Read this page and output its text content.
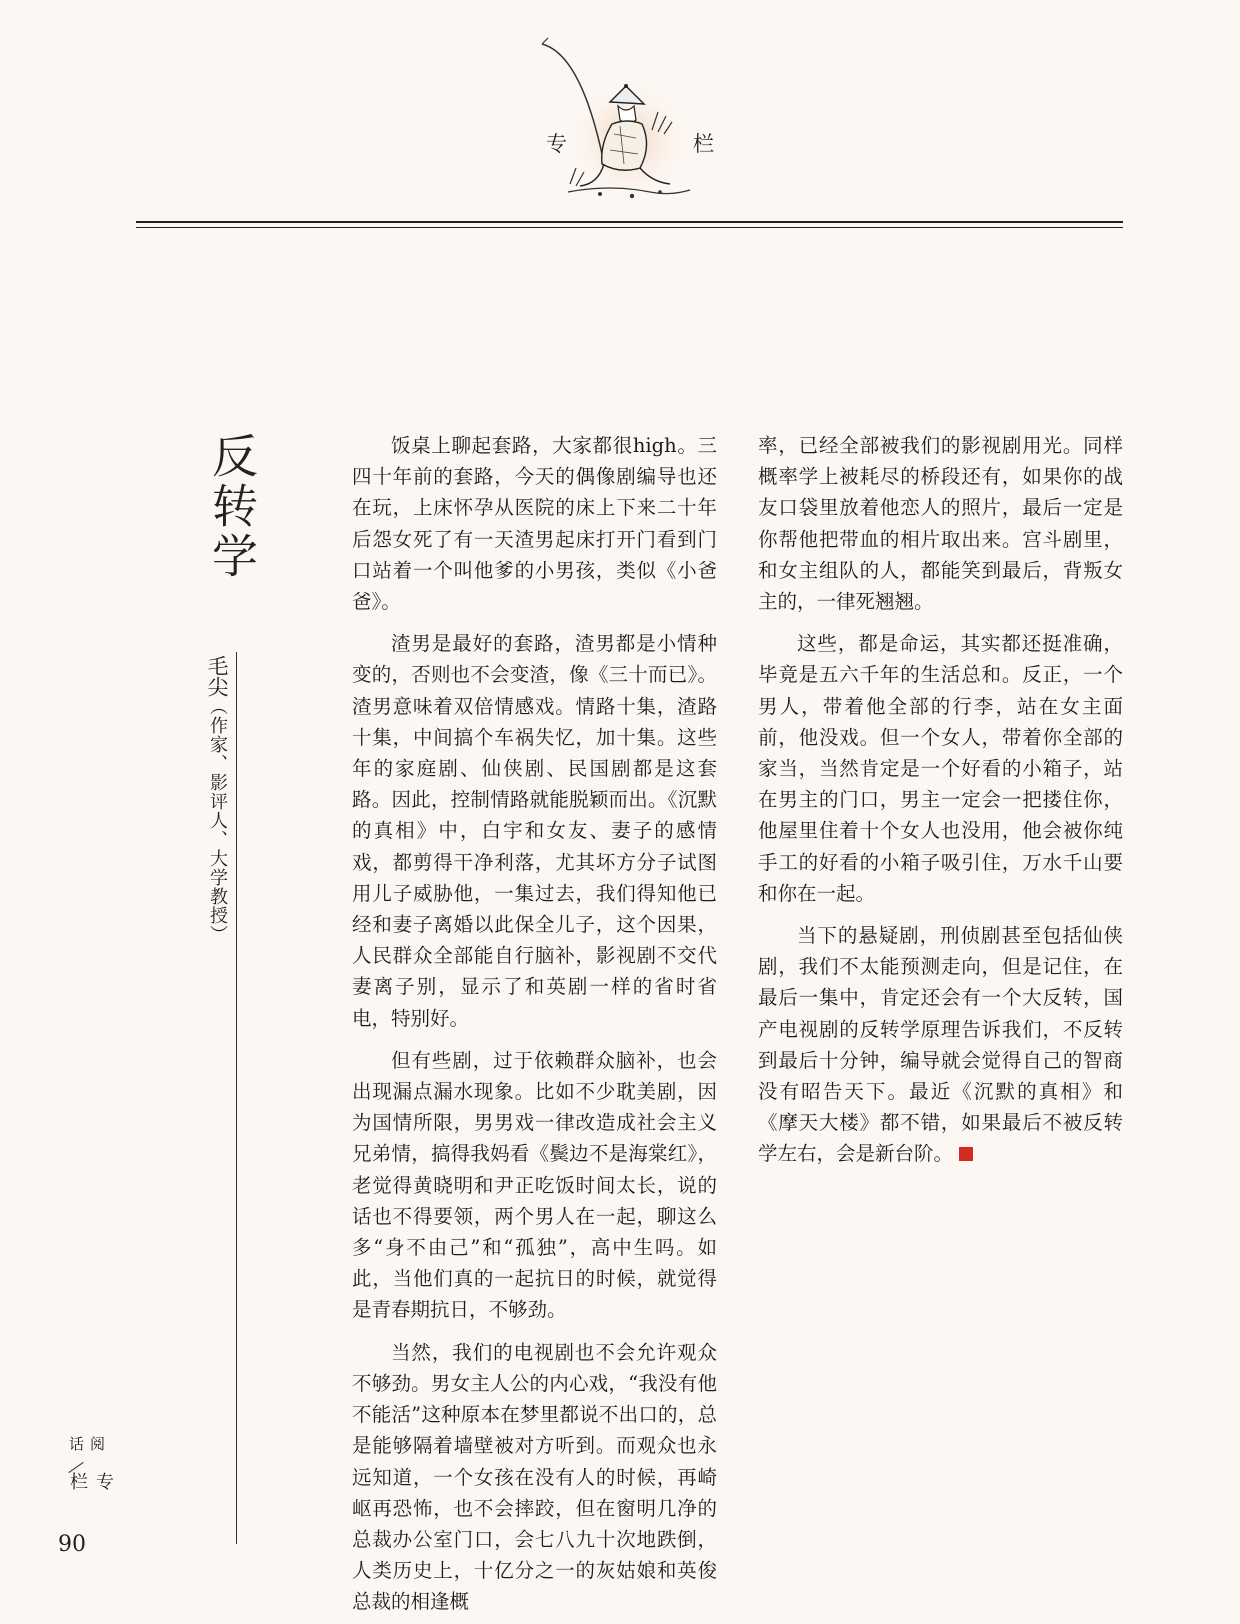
专	栏
反转学
毛尖（作家、影评人、大学教授）

饭桌上聊起套路，大家都很high。三四十年前的套路，今天的偶像剧编导也还在玩，上床怀孕从医院的床上下来二十年后怨女死了有一天渣男起床打开门看到门口站着一个叫他爹的小男孩，类似《小爸爸》。

渣男是最好的套路，渣男都是小情种变的，否则也不会变渣，像《三十而已》。渣男意味着双倍情感戏。情路十集，渣路十集，中间搞个车祸失忆，加十集。这些年的家庭剧、仙侠剧、民国剧都是这套路。因此，控制情路就能脱颖而出。《沉默的真相》中，白宇和女友、妻子的感情戏，都剪得干净利落，尤其坏方分子试图用儿子威胁他，一集过去，我们得知他已经和妻子离婚以此保全儿子，这个因果，人民群众全部能自行脑补，影视剧不交代妻离子别，显示了和英剧一样的省时省电，特别好。

但有些剧，过于依赖群众脑补，也会出现漏点漏水现象。比如不少耽美剧，因为国情所限，男男戏一律改造成社会主义兄弟情，搞得我妈看《鬓边不是海棠红》，老觉得黄晓明和尹正吃饭时间太长，说的话也不得要领，两个男人在一起，聊这么多“身不由己”和“孤独”，高中生吗。如此，当他们真的一起抗日的时候，就觉得是青春期抗日，不够劲。

当然，我们的电视剧也不会允许观众不够劲。男女主人公的内心戏，“我没有他不能活”这种原本在梦里都说不出口的，总是能够隔着墙壁被对方听到。而观众也永远知道，一个女孩在没有人的时候，再崎岖再恐怖，也不会摔跤，但在窗明几净的总裁办公室门口，会七八九十次地跌倒，人类历史上，十亿分之一的灰姑娘和英俊总裁的相逢概

率，已经全部被我们的影视剧用光。同样概率学上被耗尽的桥段还有，如果你的战友口袋里放着他恋人的照片，最后一定是你帮他把带血的相片取出来。宫斗剧里，和女主组队的人，都能笑到最后，背叛女主的，一律死翘翘。

这些，都是命运，其实都还挺准确，毕竟是五六千年的生活总和。反正，一个男人，带着他全部的行李，站在女主面前，他没戏。但一个女人，带着你全部的家当，当然肯定是一个好看的小箱子，站在男主的门口，男主一定会一把搂住你，他屋里住着十个女人也没用，他会被你纯手工的好看的小箱子吸引住，万水千山要和你在一起。

当下的悬疑剧，刑侦剧甚至包括仙侠剧，我们不太能预测走向，但是记住，在最后一集中，肯定还会有一个大反转，国产电视剧的反转学原理告诉我们，不反转到最后十分钟，编导就会觉得自己的智商没有昭告天下。最近《沉默的真相》和《摩天大楼》都不错，如果最后不被反转学左右，会是新台阶。

阅话
专栏
90
